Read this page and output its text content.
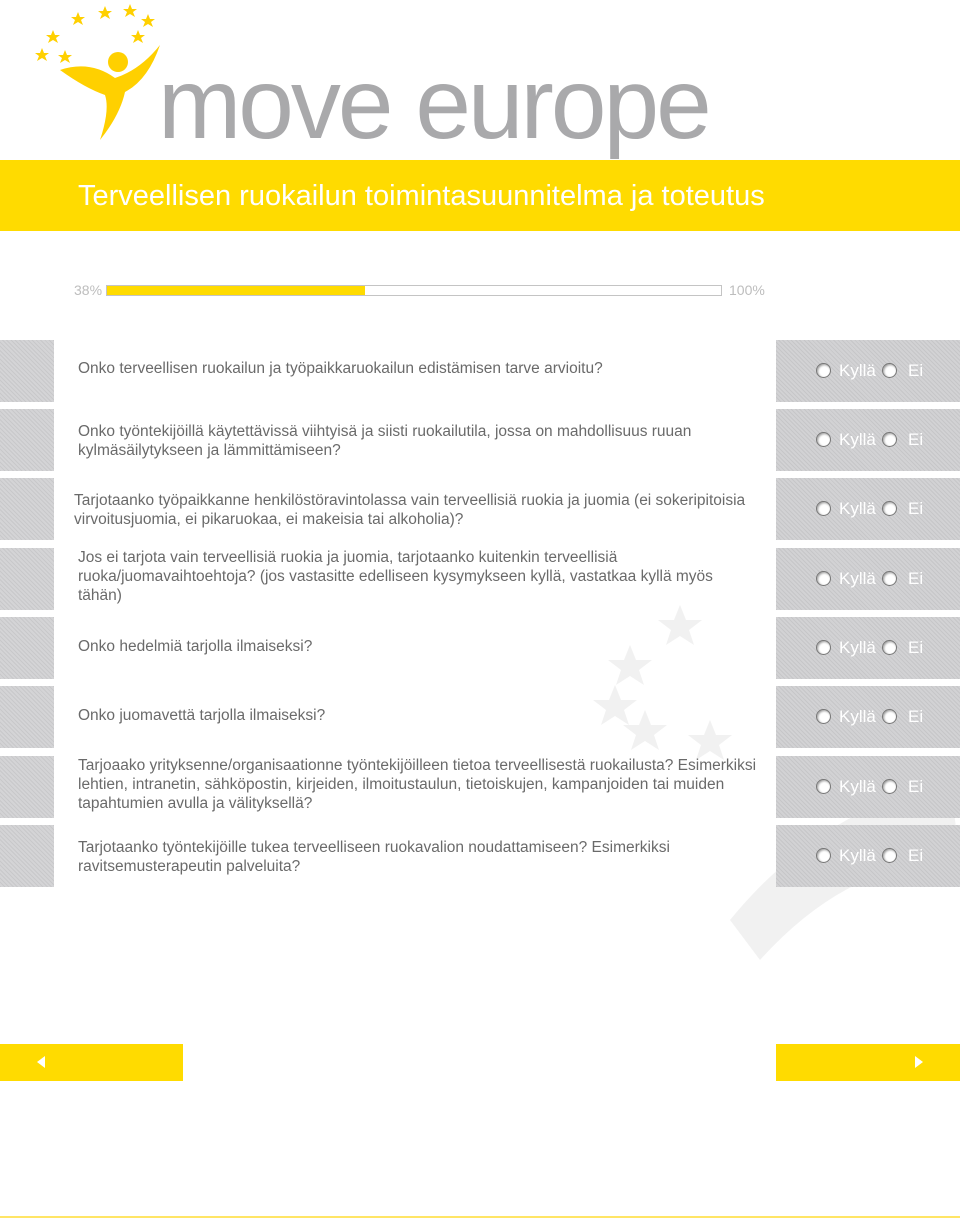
move europe
Terveellisen ruokailun toimintasuunnitelma ja toteutus
38%	100%
Onko terveellisen ruokailun ja työpaikkaruokailun edistämisen tarve arvioitu?	Kyllä Ei
Onko työntekijöillä käytettävissä viihtyisä ja siisti ruokailutila, jossa on mahdollisuus ruuan kylmäsäilytykseen ja lämmittämiseen?
Kyllä Ei
Tarjotaanko työpaikkanne henkilöstöravintolassa vain terveellisiä ruokia ja juomia (ei sokeripitoisia virvoitusjuomia, ei pikaruokaa, ei makeisia tai alkoholia)?
Kyllä Ei
Jos ei tarjota vain terveellisiä ruokia ja juomia, tarjotaanko kuitenkin terveellisiä ruoka/juomavaihtoehtoja? (jos vastasitte edelliseen kysymykseen kyllä, vastatkaa kyllä myös tähän)
Kyllä Ei
Onko hedelmiä tarjolla ilmaiseksi?	Kyllä Ei
Onko juomavettä tarjolla ilmaiseksi?	Kyllä Ei
Tarjoaako yrityksenne/organisaationne työntekijöilleen tietoa terveellisestä ruokailusta? Esimerkiksi lehtien, intranetin, sähköpostin, kirjeiden, ilmoitustaulun, tietoiskujen, kampanjoiden tai muiden tapahtumien avulla ja välityksellä?
Kyllä Ei
Tarjotaanko työntekijöille tukea terveelliseen ruokavalion noudattamiseen? Esimerkiksi ravitsemusterapeutin palveluita?
Kyllä Ei
